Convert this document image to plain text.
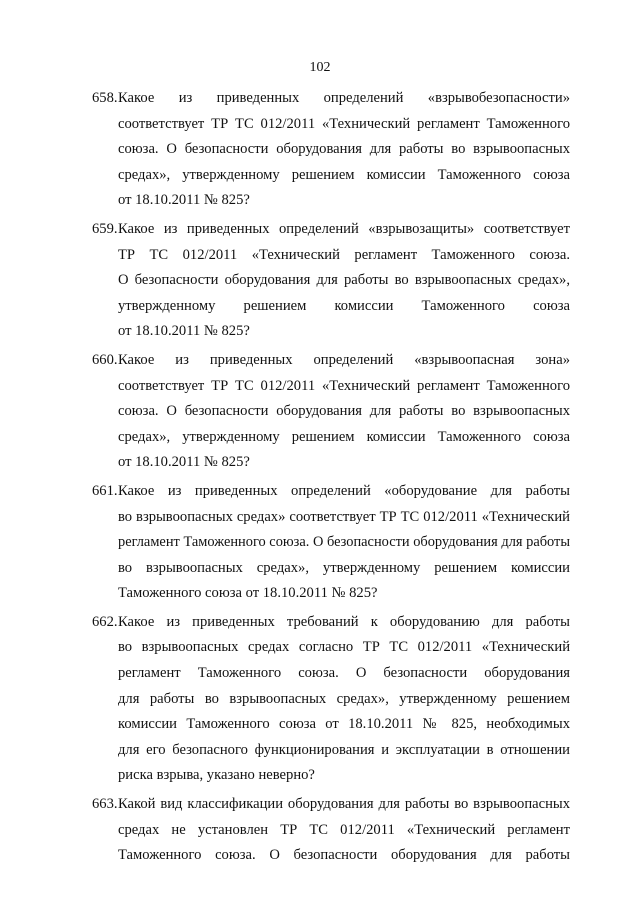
102
658. Какое из приведенных определений «взрывобезопасности»
соответствует ТР ТС 012/2011 «Технический регламент Таможенного
союза. О безопасности оборудования для работы во взрывоопасных
средах», утвержденному решением комиссии Таможенного союза
от 18.10.2011 № 825?
659. Какое из приведенных определений «взрывозащиты» соответствует
ТР ТС 012/2011 «Технический регламент Таможенного союза.
О безопасности оборудования для работы во взрывоопасных средах»,
утвержденному решением комиссии Таможенного союза
от 18.10.2011 № 825?
660. Какое из приведенных определений «взрывоопасная зона»
соответствует ТР ТС 012/2011 «Технический регламент Таможенного
союза. О безопасности оборудования для работы во взрывоопасных
средах», утвержденному решением комиссии Таможенного союза
от 18.10.2011 № 825?
661. Какое из приведенных определений «оборудование для работы
во взрывоопасных средах» соответствует ТР ТС 012/2011 «Технический
регламент Таможенного союза. О безопасности оборудования для работы
во взрывоопасных средах», утвержденному решением комиссии
Таможенного союза от 18.10.2011 № 825?
662. Какое из приведенных требований к оборудованию для работы
во взрывоопасных средах согласно ТР ТС 012/2011 «Технический
регламент Таможенного союза. О безопасности оборудования
для работы во взрывоопасных средах», утвержденному решением
комиссии Таможенного союза от 18.10.2011 № 825, необходимых
для его безопасного функционирования и эксплуатации в отношении
риска взрыва, указано неверно?
663. Какой вид классификации оборудования для работы во взрывоопасных
средах не установлен ТР ТС 012/2011 «Технический регламент
Таможенного союза. О безопасности оборудования для работы
